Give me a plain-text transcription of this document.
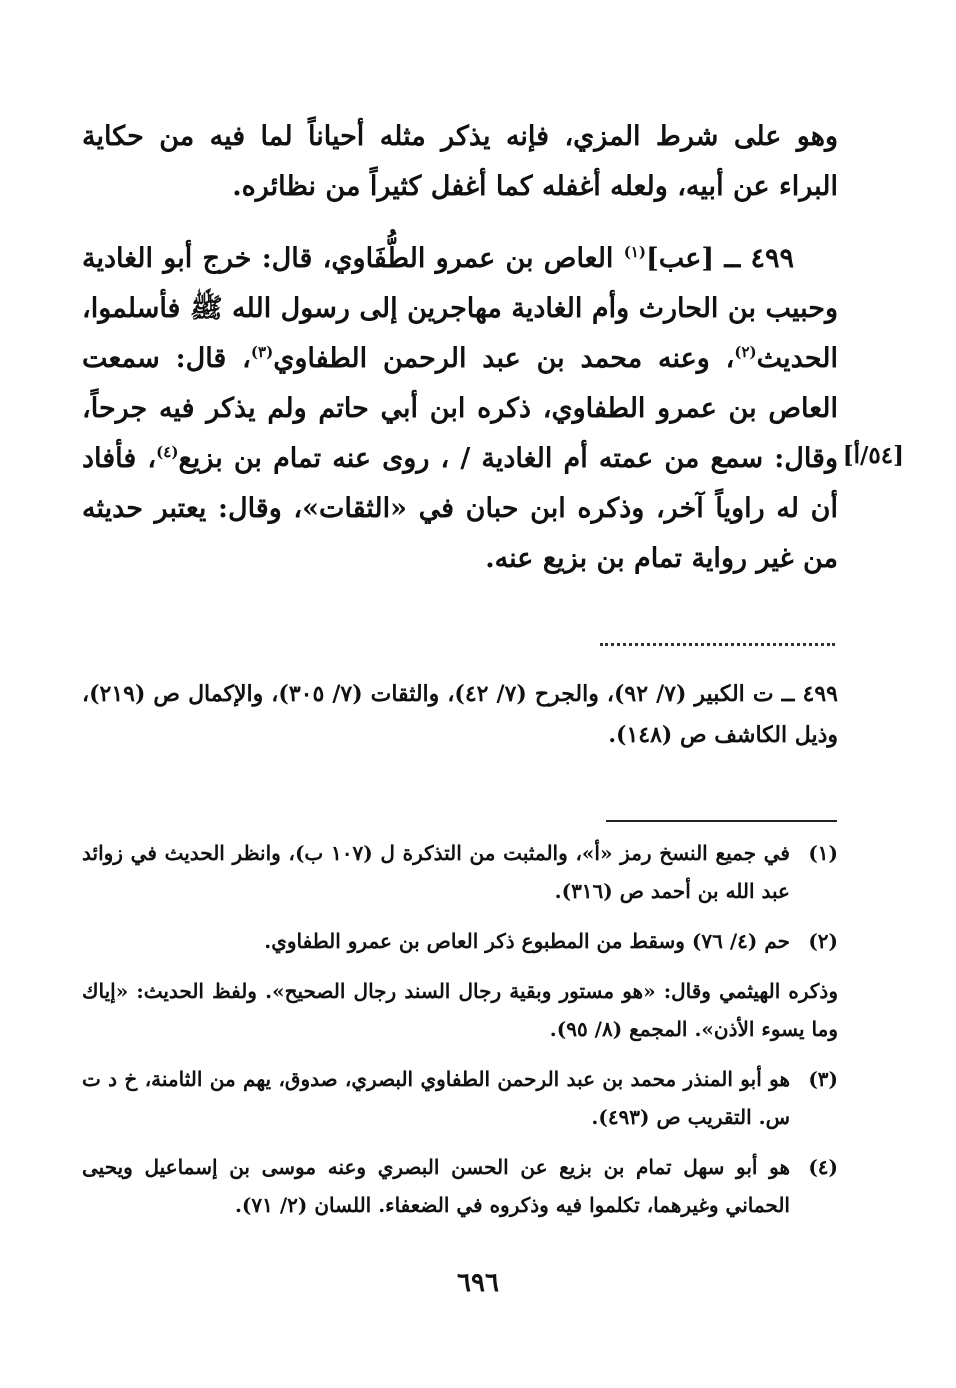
وهو على شرط المزي، فإنه يذكر مثله أحياناً لما فيه من حكاية البراء عن أبيه، ولعله أغفله كما أغفل كثيراً من نظائره.

٤٩٩ ــ [عب]$^{(١)}$ العاص بن عمرو الطُّفَاوي، قال: خرج أبو الغادية وحبيب بن الحارث وأم الغادية مهاجرين إلى رسول الله ﷺ فأسلموا، الحديث$^{(٢)}$، وعنه محمد بن عبد الرحمن الطفاوي$^{(٣)}$، قال: سمعت العاص بن عمرو الطفاوي، ذكره ابن أبي حاتم ولم يذكر فيه جرحاً، وقال: سمع من عمته أم الغادية / ، روى عنه تمام بن بزيع$^{(٤)}$، فأفاد أن له راوياً آخر، وذكره ابن حبان في «الثقات»، وقال: يعتبر حديثه من غير رواية تمام بن بزيع عنه.

[٥٤/أ]
٤٩٩ ــ ت الكبير (٧/ ٩٢)، والجرح (٧/ ٤٢)، والثقات (٧/ ٣٠٥)، والإكمال ص (٢١٩)، وذيل الكاشف ص (١٤٨).
(١)
في جميع النسخ رمز «أ»، والمثبت من التذكرة ل (١٠٧ ب)، وانظر الحديث في زوائد عبد الله بن أحمد ص (٣١٦).
(٢)
حم (٤/ ٧٦) وسقط من المطبوع ذكر العاص بن عمرو الطفاوي.
وذكره الهيثمي وقال: «هو مستور وبقية رجال السند رجال الصحيح». ولفظ الحديث: «إياك وما يسوء الأذن». المجمع (٨/ ٩٥).
(٣)
هو أبو المنذر محمد بن عبد الرحمن الطفاوي البصري، صدوق، يهم من الثامنة، خ د ت س. التقريب ص (٤٩٣).
(٤)
هو أبو سهل تمام بن بزيع عن الحسن البصري وعنه موسى بن إسماعيل ويحيى الحماني وغيرهما، تكلموا فيه وذكروه في الضعفاء. اللسان (٢/ ٧١).
٦٩٦
